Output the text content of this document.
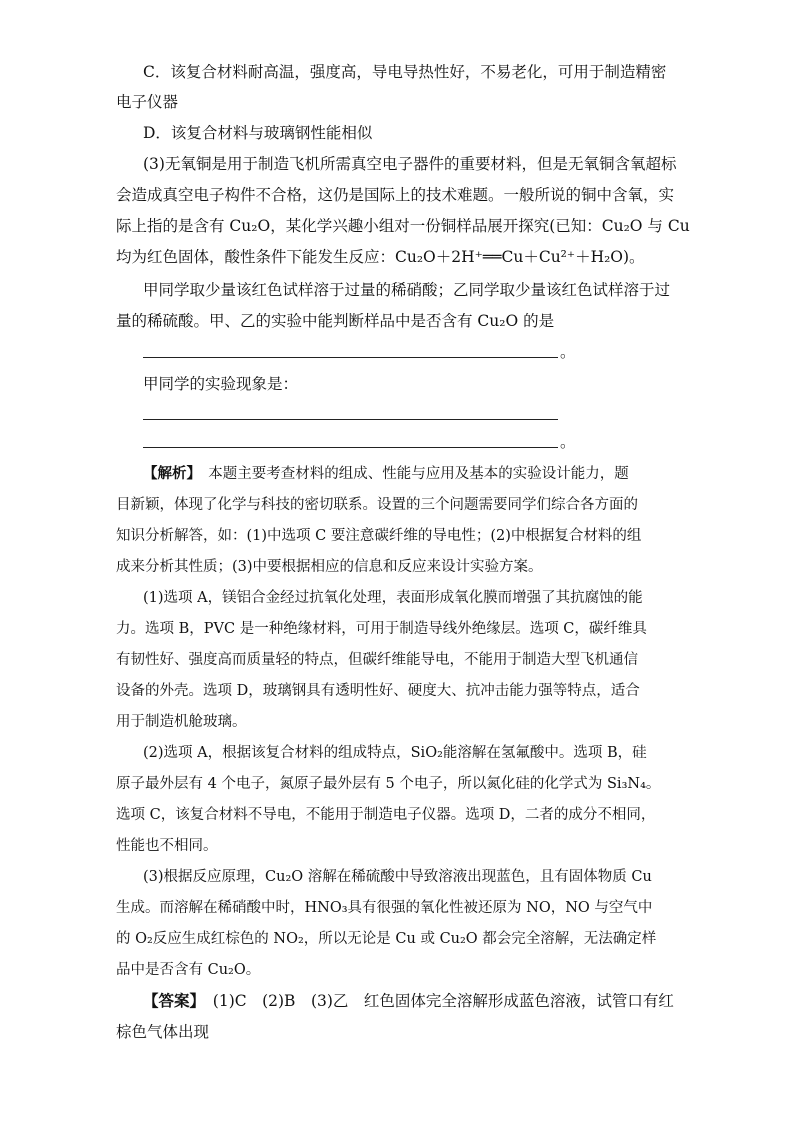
C．该复合材料耐高温，强度高，导电导热性好，不易老化，可用于制造精密
电子仪器
D．该复合材料与玻璃钢性能相似
(3)无氧铜是用于制造飞机所需真空电子器件的重要材料，但是无氧铜含氧超标
会造成真空电子构件不合格，这仍是国际上的技术难题。一般所说的铜中含氧，实
际上指的是含有 Cu₂O，某化学兴趣小组对一份铜样品展开探究(已知：Cu₂O 与 Cu
均为红色固体，酸性条件下能发生反应：Cu₂O＋2H⁺══Cu＋Cu²⁺＋H₂O)。
甲同学取少量该红色试样溶于过量的稀硝酸；乙同学取少量该红色试样溶于过
量的稀硫酸。甲、乙的实验中能判断样品中是否含有 Cu₂O 的是
。
甲同学的实验现象是：
。
【解析】　 本题主要考查材料的组成、性能与应用及基本的实验设计能力，题
目新颖，体现了化学与科技的密切联系。设置的三个问题需要同学们综合各方面的
知识分析解答，如：(1)中选项 C 要注意碳纤维的导电性；(2)中根据复合材料的组
成来分析其性质；(3)中要根据相应的信息和反应来设计实验方案。
(1)选项 A，镁铝合金经过抗氧化处理，表面形成氧化膜而增强了其抗腐蚀的能
力。选项 B，PVC 是一种绝缘材料，可用于制造导线外绝缘层。选项 C，碳纤维具
有韧性好、强度高而质量轻的特点，但碳纤维能导电，不能用于制造大型飞机通信
设备的外壳。选项 D，玻璃钢具有透明性好、硬度大、抗冲击能力强等特点，适合
用于制造机舱玻璃。
(2)选项 A，根据该复合材料的组成特点，SiO₂能溶解在氢氟酸中。选项 B，硅
原子最外层有 4 个电子，氮原子最外层有 5 个电子，所以氮化硅的化学式为 Si₃N₄。
选项 C，该复合材料不导电，不能用于制造电子仪器。选项 D，二者的成分不相同，
性能也不相同。
(3)根据反应原理，Cu₂O 溶解在稀硫酸中导致溶液出现蓝色，且有固体物质 Cu
生成。而溶解在稀硝酸中时，HNO₃具有很强的氧化性被还原为 NO，NO 与空气中
的 O₂反应生成红棕色的 NO₂，所以无论是 Cu 或 Cu₂O 都会完全溶解，无法确定样
品中是否含有 Cu₂O。
【答案】　 (1)C　(2)B　(3)乙　红色固体完全溶解形成蓝色溶液，试管口有红
棕色气体出现
